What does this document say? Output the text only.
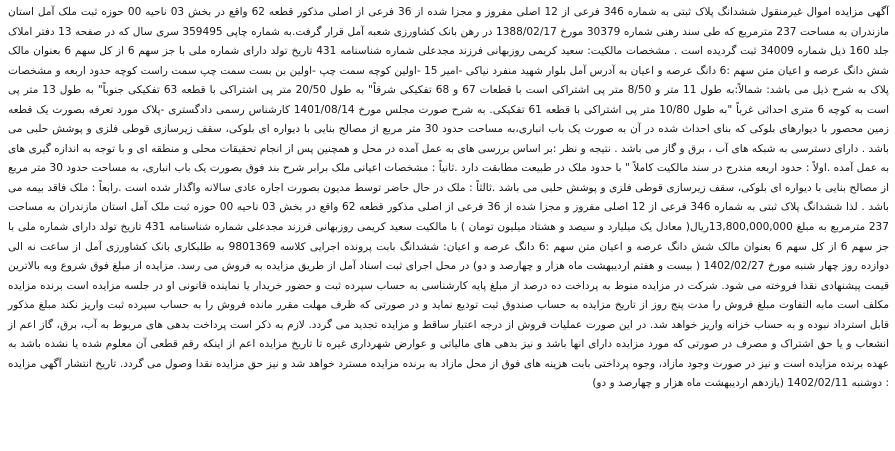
آگهی مزایده اموال غیرمنقول ششدانگ پلاک ثبتی به شماره 346 فرعی از 12 اصلی مفروز و مجزا شده از 36 فرعی از اصلی مذکور قطعه 62 واقع در بخش 03 ناحیه 00 حوزه ثبت ملک آمل استان مازندران به مساحت 237 مترمربع که طی سند رهنی شماره 30379 مورخ 1388/02/17 در رهن بانک کشاورزی شعبه آمل قرار گرفت.به شماره چاپی 359495 سری سال که در صفحه 13 دفتر املاک جلد 160 ذیل شماره 34009 ثبت گردیده است . مشخصات مالکیت: سعید کریمی روزبهانی فرزند مجدعلی شماره شناسنامه 431 تاریخ تولد دارای شماره ملی با جز سهم 6 از کل سهم 6 بعنوان مالک شش دانگ عرصه و اعیان متن سهم :6 دانگ عرصه و اعیان به آدرس آمل بلوار شهید منفرد نیاکی -امیر 15 -اولین کوچه سمت چپ -اولین بن بست سمت چپ سمت راست کوچه حدود اربعه و مشخصات پلاک به شرح ذیل می باشد: شمالاً:به طول 11 متر و 8/50 متر پی اشتراکی است با قطعات 67 و 68 تفکیکی شرقاً" به طول 20/50 متر پی اشتراکی با قطعه 63 تفکیکی جنوباً" به طول 13 متر پی است به کوچه 6 متری احداثی غرباً "به طول 10/80 متر پی اشتراکی با قطعه 61 تفکیکی. به شرح صورت مجلس مورخ 1401/08/14 کارشناس رسمی دادگستری -پلاک مورد تعرفه بصورت یک قطعه زمین محصور با دیوارهای بلوکی که بنای احداث شده در آن به صورت یک باب انباری،به مساحت حدود 30 متر مربع از مصالح بنایی با دیواره ای بلوکی، سقف زیرسازی قوطی فلزی و پوشش حلبی می باشد . دارای دسترسی به شبکه های آب ، برق و گاز می باشد . نتیجه و نظر :بر اساس بررسی های به عمل آمده در محل و همچنین پس از انجام تحقیقات محلی و منطقه ای و با توجه به اندازه گیری های به عمل آمده .اولاً : حدود اربعه مندرج در سند مالکیت کاملاً " با حدود ملک در طبیعت مطابقت دارد .ثانیاً : مشخصات اعیانی ملک برابر شرح بند فوق بصورت یک باب انباری، به مساحت حدود 30 متر مربع از مصالح بنایی با دیواره ای بلوکی، سقف زیرسازی قوطی فلزی و پوشش حلبی می باشد .ثالثاً : ملک در حال حاضر توسط مدیون بصورت اجاره عادی سالانه واگذار شده است .رابعاً : ملک فاقد بیمه می باشد . لذا ششدانگ پلاک ثبتی به شماره 346 فرعی از 12 اصلی مفروز و مجزا شده از 36 فرعی از اصلی مذکور قطعه 62 واقع در بخش 03 ناحیه 00 حوزه ثبت ملک آمل استان مازندران به مساحت 237 مترمربع به مبلغ 13,800,000,000ریال( معادل یک میلیارد و سیصد و هشتاد میلیون تومان ) با مالکیت سعید کریمی روزبهانی فرزند مجدعلی شماره شناسنامه 431 تاریخ تولد دارای شماره ملی با جز سهم 6 از کل سهم 6 بعنوان مالک شش دانگ عرصه و اعیان متن سهم :6 دانگ عرصه و اعیان: ششدانگ بابت پرونده اجرایی کلاسه 9801369 به طلبکاری بانک کشاورزی آمل از ساعت نه الی دوازده روز چهار شنبه مورخ 1402/02/27 ( بیست و هفتم اردیبهشت ماه هزار و چهارصد و دو) در محل اجرای ثبت اسناد آمل از طریق مزایده به فروش می رسد. مزایده از مبلغ فوق شروع وبه بالاترین قیمت پیشنهادی نقدا فروخته می شود. شرکت در مزایده منوط به پرداخت ده درصد از مبلغ پایه کارشناسی به حساب سپرده ثبت و حضور خریدار یا نماینده قانونی او در جلسه مزایده است برنده مزایده مکلف است مابه التفاوت مبلغ فروش را مدت پنج روز از تاریخ مزایده به حساب صندوق ثبت تودیع نماید و در صورتی که ظرف مهلت مقرر مانده فروش را به حساب سپرده ثبت واریز نکند مبلغ مذکور قابل استرداد نبوده و به حساب خزانه واریز خواهد شد. در این صورت عملیات فروش از درجه اعتبار ساقط و مزایده تجدید می گردد. لازم به ذکر است پرداخت بدهی های مربوط به آب، برق، گاز اعم از انشعاب و یا حق اشتراک و مصرف در صورتی که مورد مزایده دارای انها باشد و نیز بدهی های مالیاتی و عوارض شهرداری غیره تا تاریخ مزایده اعم از اینکه رقم قطعی آن معلوم شده یا نشده باشد به عهده برنده مزایده است و نیز در صورت وجود مازاد، وجوه پرداختی بابت هزینه های فوق از محل مازاد به برنده مزایده مسترد خواهد شد و نیز حق مزایده نقدا وصول می گردد. تاریخ انتشار آگهی مزایده : دوشنبه 1402/02/11 (یازدهم اردیبهشت ماه هزار و چهارصد و دو)
